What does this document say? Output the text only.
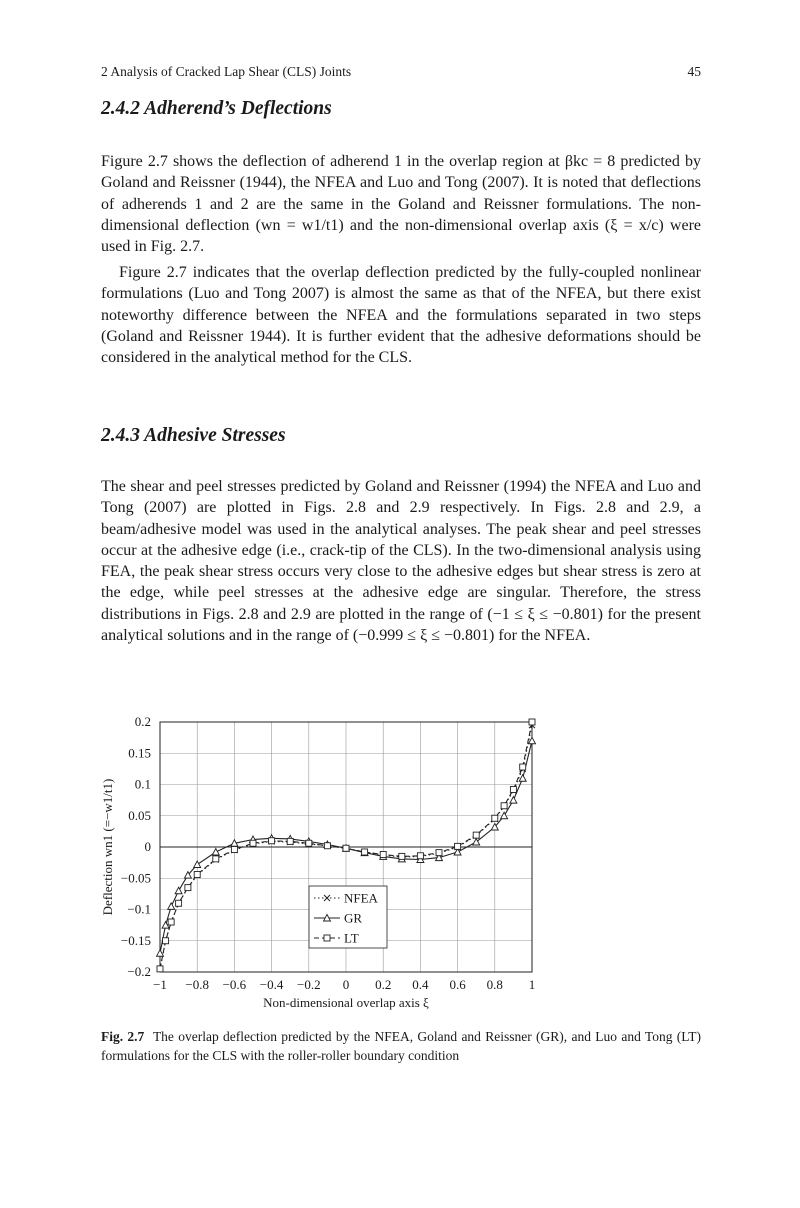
2 Analysis of Cracked Lap Shear (CLS) Joints	45
2.4.2 Adherend’s Deflections

Figure 2.7 shows the deflection of adherend 1 in the overlap region at βkc = 8 predicted by Goland and Reissner (1944), the NFEA and Luo and Tong (2007). It is noted that deflections of adherends 1 and 2 are the same in the Goland and Reissner formulations. The non-dimensional deflection (wn = w1/t1) and the non-dimensional overlap axis (ξ = x/c) were used in Fig. 2.7.

Figure 2.7 indicates that the overlap deflection predicted by the fully-coupled nonlinear formulations (Luo and Tong 2007) is almost the same as that of the NFEA, but there exist noteworthy difference between the NFEA and the formulations separated in two steps (Goland and Reissner 1944). It is further evident that the adhesive deformations should be considered in the analytical method for the CLS.

2.4.3 Adhesive Stresses

The shear and peel stresses predicted by Goland and Reissner (1994) the NFEA and Luo and Tong (2007) are plotted in Figs. 2.8 and 2.9 respectively. In Figs. 2.8 and 2.9, a beam/adhesive model was used in the analytical analyses. The peak shear and peel stresses occur at the adhesive edge (i.e., crack-tip of the CLS). In the two-dimensional analysis using FEA, the peak shear stress occurs very close to the adhesive edges but shear stress is zero at the edge, while peel stresses at the adhesive edge are singular. Therefore, the stress distributions in Figs. 2.8 and 2.9 are plotted in the range of (−1 ≤ ξ ≤ −0.801) for the present analytical solutions and in the range of (−0.999 ≤ ξ ≤ −0.801) for the NFEA.

−1 −0.8 −0.6 −0.4 −0.2 0 0.2 0.4 0.6 0.8 1
0.2
0.15
0.1
0.05
0
−0.05
−0.1
−0.15
−0.2
Non-dimensional overlap axis ξ
Deflection wn1 (=−w1/t1)	NFEA
GR
LT

Fig. 2.7 The overlap deflection predicted by the NFEA, Goland and Reissner (GR), and Luo and Tong (LT) formulations for the CLS with the roller-roller boundary condition
